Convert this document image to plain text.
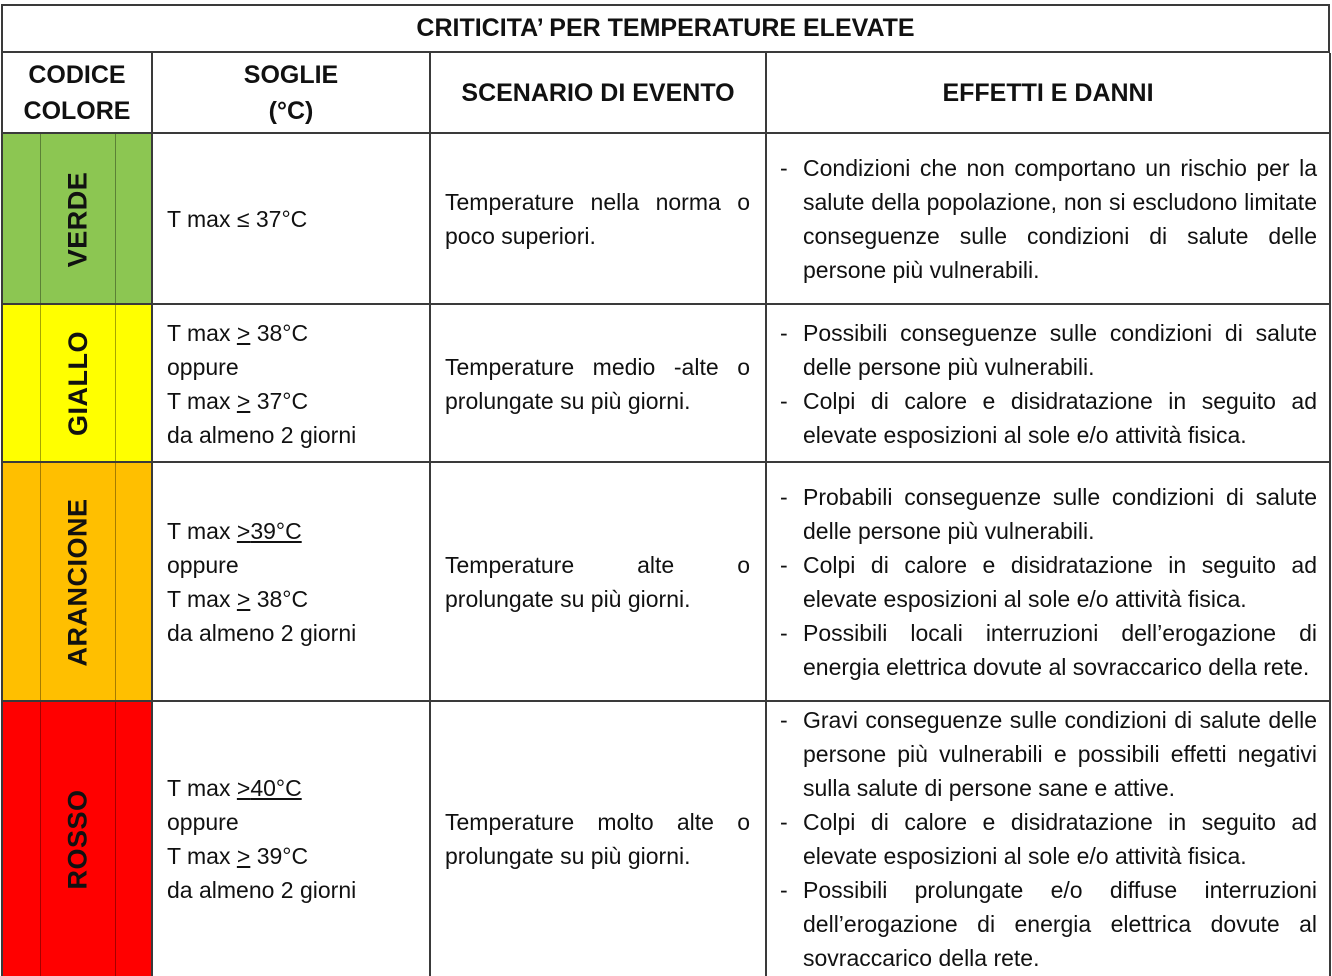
CRITICITA’ PER TEMPERATURE ELEVATE
CODICE
COLORE
SOGLIE
(°C)
SCENARIO DI EVENTO	EFFETTI E DANNI
VERDE
GIALLO
ARANCIONE
ROSSO
T max ≤ 37°C
Temperature nella norma o poco superiori.
- Condizioni che non comportano un rischio per la salute della popolazione, non si escludono limitate conseguenze sulle condizioni di salute delle persone più vulnerabili.
T max ≥ 38°C
oppure
T max ≥ 37°C
da almeno 2 giorni
Temperature medio -alte o prolungate su più giorni.
- Possibili conseguenze sulle condizioni di salute delle persone più vulnerabili.
- Colpi di calore e disidratazione in seguito ad elevate esposizioni al sole e/o attività fisica.
T max ≥39°C
oppure
T max ≥ 38°C
da almeno 2 giorni
Temperature alte o prolungate su più giorni.
- Probabili conseguenze sulle condizioni di salute delle persone più vulnerabili.
- Colpi di calore e disidratazione in seguito ad elevate esposizioni al sole e/o attività fisica.
- Possibili locali interruzioni dell’erogazione di energia elettrica dovute al sovraccarico della rete.
T max ≥40°C
oppure
T max ≥ 39°C
da almeno 2 giorni
Temperature molto alte o prolungate su più giorni.
- Gravi conseguenze sulle condizioni di salute delle persone più vulnerabili e possibili effetti negativi sulla salute di persone sane e attive.
- Colpi di calore e disidratazione in seguito ad elevate esposizioni al sole e/o attività fisica.
- Possibili prolungate e/o diffuse interruzioni dell’erogazione di energia elettrica dovute al sovraccarico della rete.
